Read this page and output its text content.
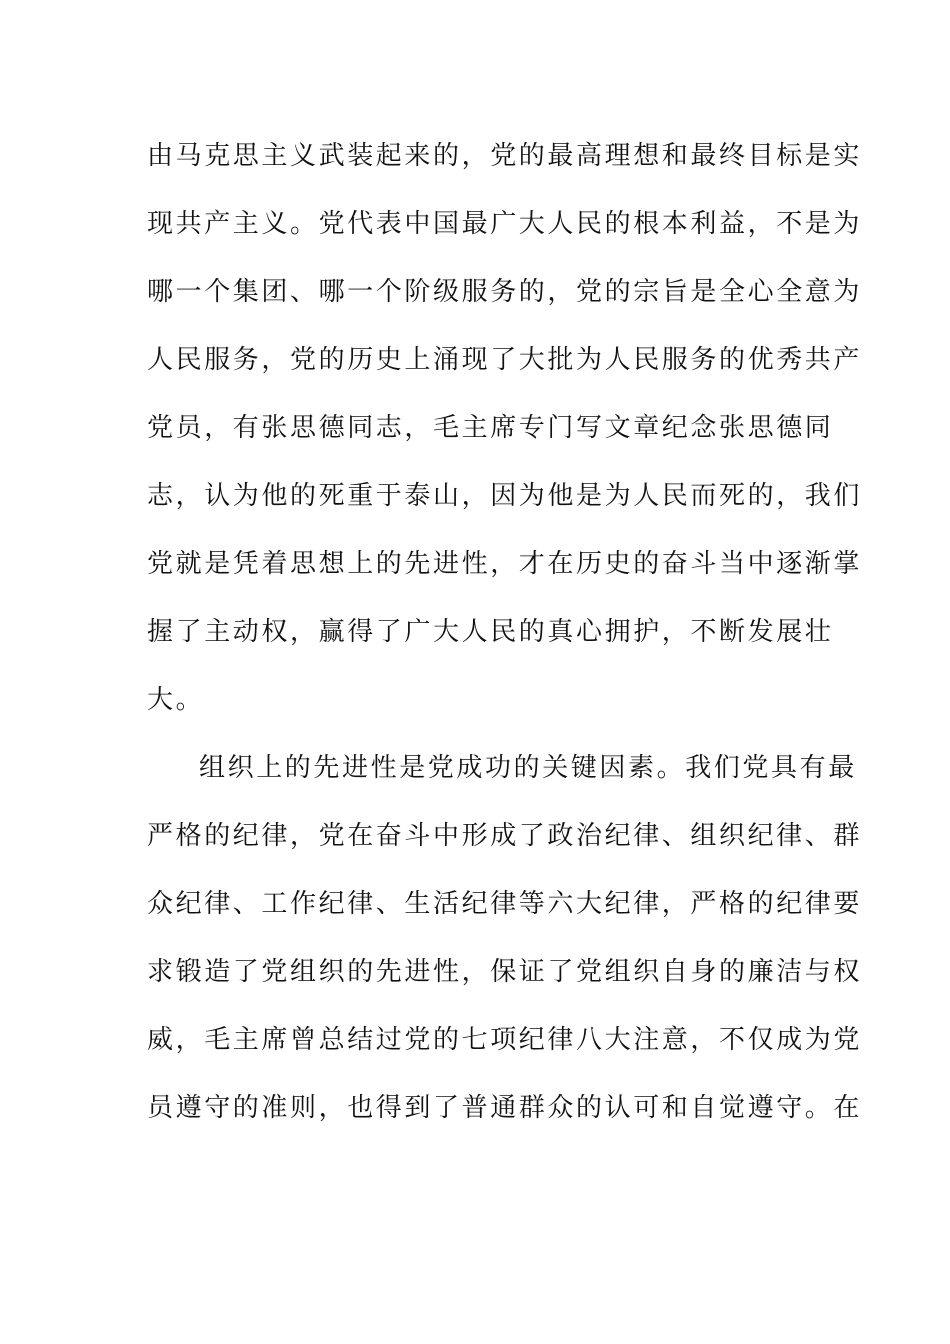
由马克思主义武装起来的，党的最高理想和最终目标是实
现共产主义。党代表中国最广大人民的根本利益，不是为
哪一个集团、哪一个阶级服务的，党的宗旨是全心全意为
人民服务，党的历史上涌现了大批为人民服务的优秀共产
党员，有张思德同志，毛主席专门写文章纪念张思德同
志，认为他的死重于泰山，因为他是为人民而死的，我们
党就是凭着思想上的先进性，才在历史的奋斗当中逐渐掌
握了主动权，赢得了广大人民的真心拥护，不断发展壮
大。
组织上的先进性是党成功的关键因素。我们党具有最
严格的纪律，党在奋斗中形成了政治纪律、组织纪律、群
众纪律、工作纪律、生活纪律等六大纪律，严格的纪律要
求锻造了党组织的先进性，保证了党组织自身的廉洁与权
威，毛主席曾总结过党的七项纪律八大注意，不仅成为党
员遵守的准则，也得到了普通群众的认可和自觉遵守。在
